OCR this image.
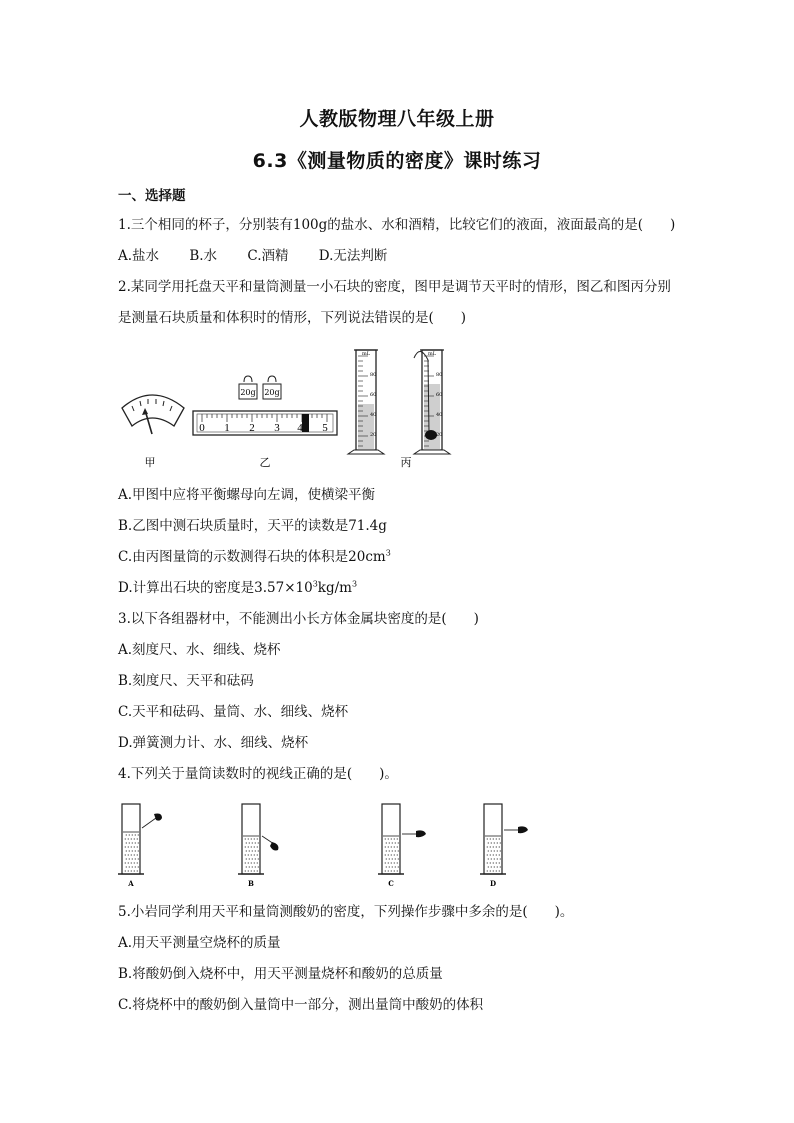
人教版物理八年级上册
6.3《测量物质的密度》课时练习
一、选择题
1.三个相同的杯子，分别装有100g的盐水、水和酒精，比较它们的液面，液面最高的是(　　)
A.盐水 B.水 C.酒精 D.无法判断
2.某同学用托盘天平和量筒测量一小石块的密度，图甲是调节天平时的情形，图乙和图丙分别
是测量石块质量和体积时的情形，下列说法错误的是(　　)
甲
20g 20g
0 1 2 3 4 5
乙
mL
80
60
40
20
mL
80
60
40
20
丙
A.甲图中应将平衡螺母向左调，使横梁平衡
B.乙图中测石块质量时，天平的读数是71.4g
C.由丙图量筒的示数测得石块的体积是$20cm^3$
D.计算出石块的密度是$3.57\times 10^3kg/m^3$
3.以下各组器材中，不能测出小长方体金属块密度的是(　　)
A.刻度尺、水、细线、烧杯
B.刻度尺、天平和砝码
C.天平和砝码、量筒、水、细线、烧杯
D.弹簧测力计、水、细线、烧杯
4.下列关于量筒读数时的视线正确的是(　　)。
A	B	C	D
5.小岩同学利用天平和量筒测酸奶的密度，下列操作步骤中多余的是(　　)。
A.用天平测量空烧杯的质量
B.将酸奶倒入烧杯中，用天平测量烧杯和酸奶的总质量
C.将烧杯中的酸奶倒入量筒中一部分，测出量筒中酸奶的体积
